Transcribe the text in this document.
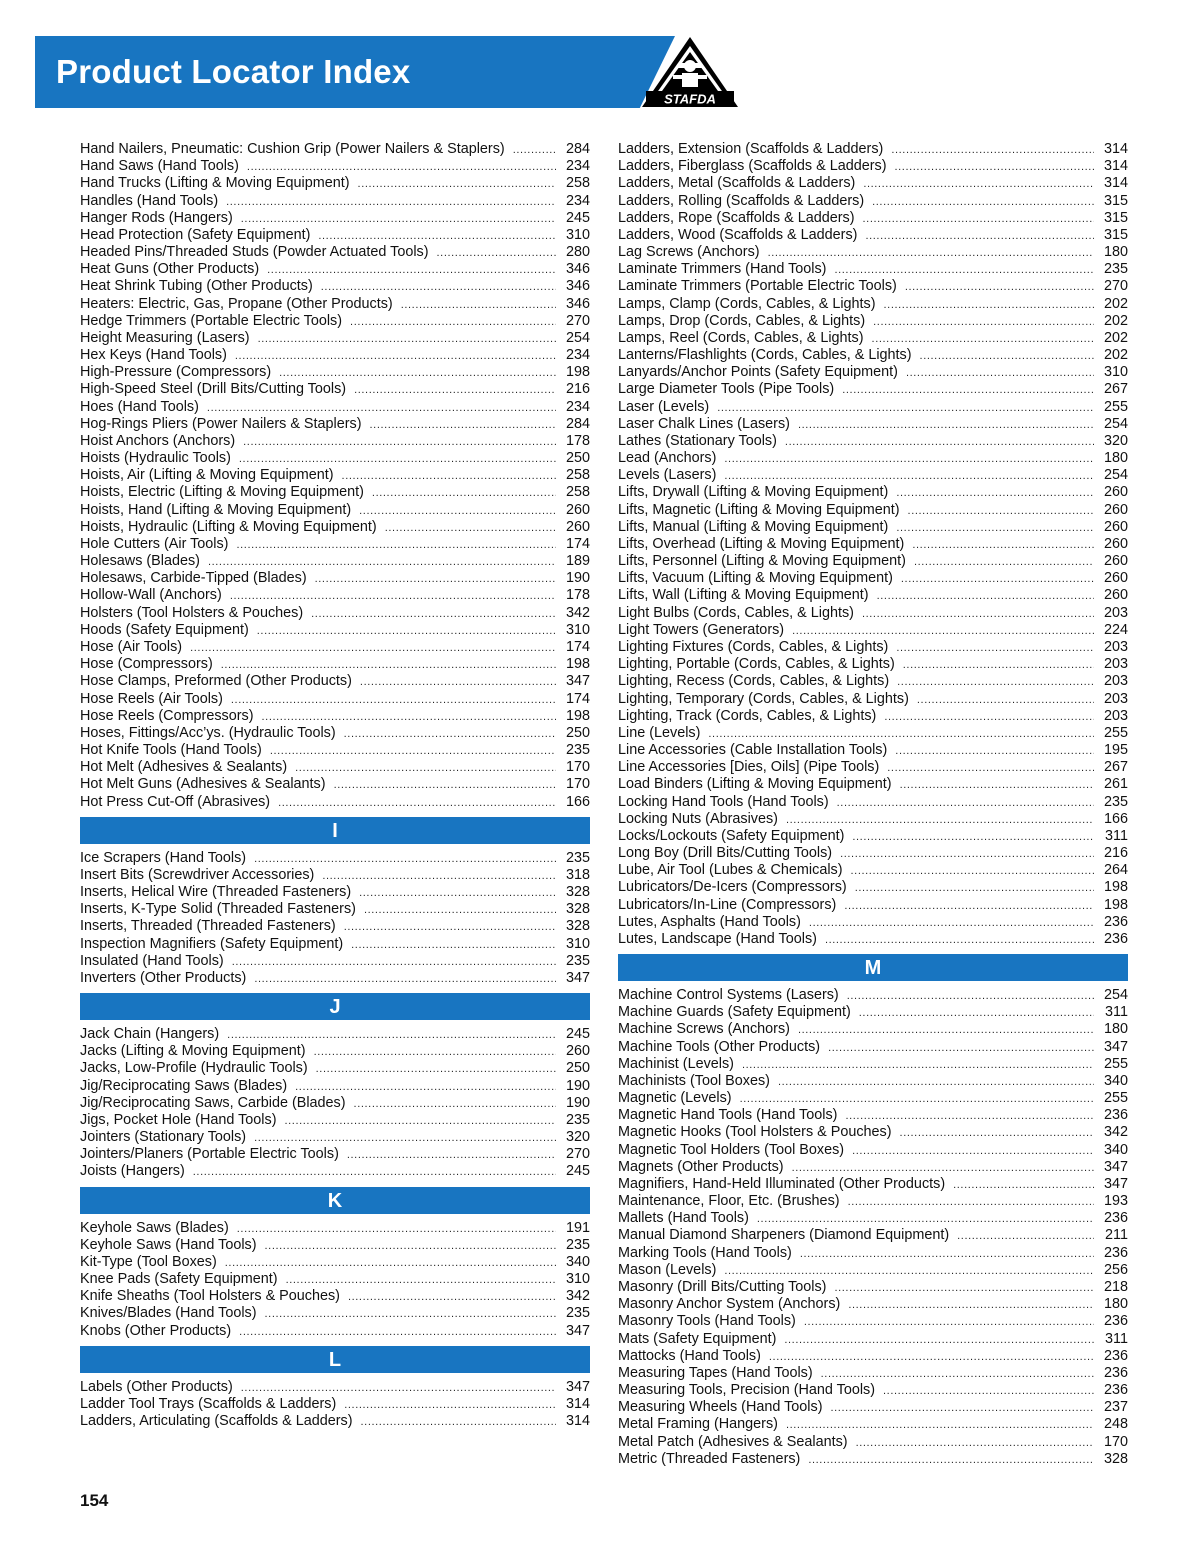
Product Locator Index
STAFDA
Hand Nailers, Pneumatic: Cushion Grip (Power Nailers & Staplers) .....	284
Hand Saws (Hand Tools) .....	234
Hand Trucks (Lifting & Moving Equipment) .....	258
Handles (Hand Tools) .....	234
Hanger Rods (Hangers) .....	245
Head Protection (Safety Equipment) .....	310
Headed Pins/Threaded Studs (Powder Actuated Tools) .....	280
Heat Guns (Other Products) .....	346
Heat Shrink Tubing (Other Products) .....	346
Heaters: Electric, Gas, Propane (Other Products) .....	346
Hedge Trimmers (Portable Electric Tools) .....	270
Height Measuring (Lasers) .....	254
Hex Keys (Hand Tools) .....	234
High-Pressure (Compressors) .....	198
High-Speed Steel (Drill Bits/Cutting Tools) .....	216
Hoes (Hand Tools) .....	234
Hog-Rings Pliers (Power Nailers & Staplers) .....	284
Hoist Anchors (Anchors) .....	178
Hoists (Hydraulic Tools) .....	250
Hoists, Air (Lifting & Moving Equipment) .....	258
Hoists, Electric (Lifting & Moving Equipment) .....	258
Hoists, Hand (Lifting & Moving Equipment) .....	260
Hoists, Hydraulic (Lifting & Moving Equipment) .....	260
Hole Cutters (Air Tools) .....	174
Holesaws (Blades) .....	189
Holesaws, Carbide-Tipped (Blades) .....	190
Hollow-Wall (Anchors) .....	178
Holsters (Tool Holsters & Pouches) .....	342
Hoods (Safety Equipment) .....	310
Hose (Air Tools) .....	174
Hose (Compressors) .....	198
Hose Clamps, Preformed (Other Products) .....	347
Hose Reels (Air Tools) .....	174
Hose Reels (Compressors) .....	198
Hoses, Fittings/Acc’ys. (Hydraulic Tools) .....	250
Hot Knife Tools (Hand Tools) .....	235
Hot Melt (Adhesives & Sealants) .....	170
Hot Melt Guns (Adhesives & Sealants) .....	170
Hot Press Cut-Off (Abrasives) .....	166
I
Ice Scrapers (Hand Tools) .....	235
Insert Bits (Screwdriver Accessories) .....	318
Inserts, Helical Wire (Threaded Fasteners) .....	328
Inserts, K-Type Solid (Threaded Fasteners) .....	328
Inserts, Threaded (Threaded Fasteners) .....	328
Inspection Magnifiers (Safety Equipment) .....	310
Insulated (Hand Tools) .....	235
Inverters (Other Products) .....	347
J
Jack Chain (Hangers) .....	245
Jacks (Lifting & Moving Equipment) .....	260
Jacks, Low-Profile (Hydraulic Tools) .....	250
Jig/Reciprocating Saws (Blades) .....	190
Jig/Reciprocating Saws, Carbide (Blades) .....	190
Jigs, Pocket Hole (Hand Tools) .....	235
Jointers (Stationary Tools) .....	320
Jointers/Planers (Portable Electric Tools) .....	270
Joists (Hangers) .....	245
K
Keyhole Saws (Blades) .....	191
Keyhole Saws (Hand Tools) .....	235
Kit-Type (Tool Boxes) .....	340
Knee Pads (Safety Equipment) .....	310
Knife Sheaths (Tool Holsters & Pouches) .....	342
Knives/Blades (Hand Tools) .....	235
Knobs (Other Products) .....	347
L
Labels (Other Products) .....	347
Ladder Tool Trays (Scaffolds & Ladders) .....	314
Ladders, Articulating (Scaffolds & Ladders) .....	314
Ladders, Extension (Scaffolds & Ladders) .....	314
Ladders, Fiberglass (Scaffolds & Ladders) .....	314
Ladders, Metal (Scaffolds & Ladders) .....	314
Ladders, Rolling (Scaffolds & Ladders) .....	315
Ladders, Rope (Scaffolds & Ladders) .....	315
Ladders, Wood (Scaffolds & Ladders) .....	315
Lag Screws (Anchors) .....	180
Laminate Trimmers (Hand Tools) .....	235
Laminate Trimmers (Portable Electric Tools) .....	270
Lamps, Clamp (Cords, Cables, & Lights) .....	202
Lamps, Drop (Cords, Cables, & Lights) .....	202
Lamps, Reel (Cords, Cables, & Lights) .....	202
Lanterns/Flashlights (Cords, Cables, & Lights) .....	202
Lanyards/Anchor Points (Safety Equipment) .....	310
Large Diameter Tools (Pipe Tools) .....	267
Laser (Levels) .....	255
Laser Chalk Lines (Lasers) .....	254
Lathes (Stationary Tools) .....	320
Lead (Anchors) .....	180
Levels (Lasers) .....	254
Lifts, Drywall (Lifting & Moving Equipment) .....	260
Lifts, Magnetic (Lifting & Moving Equipment) .....	260
Lifts, Manual (Lifting & Moving Equipment) .....	260
Lifts, Overhead (Lifting & Moving Equipment) .....	260
Lifts, Personnel (Lifting & Moving Equipment) .....	260
Lifts, Vacuum (Lifting & Moving Equipment) .....	260
Lifts, Wall (Lifting & Moving Equipment) .....	260
Light Bulbs (Cords, Cables, & Lights) .....	203
Light Towers (Generators) .....	224
Lighting Fixtures (Cords, Cables, & Lights) .....	203
Lighting, Portable (Cords, Cables, & Lights) .....	203
Lighting, Recess (Cords, Cables, & Lights) .....	203
Lighting, Temporary (Cords, Cables, & Lights) .....	203
Lighting, Track (Cords, Cables, & Lights) .....	203
Line (Levels) .....	255
Line Accessories (Cable Installation Tools) .....	195
Line Accessories [Dies, Oils] (Pipe Tools) .....	267
Load Binders (Lifting & Moving Equipment) .....	261
Locking Hand Tools (Hand Tools) .....	235
Locking Nuts (Abrasives) .....	166
Locks/Lockouts (Safety Equipment) .....	311
Long Boy (Drill Bits/Cutting Tools) .....	216
Lube, Air Tool (Lubes & Chemicals) .....	264
Lubricators/De-Icers (Compressors) .....	198
Lubricators/In-Line (Compressors) .....	198
Lutes, Asphalts (Hand Tools) .....	236
Lutes, Landscape (Hand Tools) .....	236
M
Machine Control Systems (Lasers) .....	254
Machine Guards (Safety Equipment) .....	311
Machine Screws (Anchors) .....	180
Machine Tools (Other Products) .....	347
Machinist (Levels) .....	255
Machinists (Tool Boxes) .....	340
Magnetic (Levels) .....	255
Magnetic Hand Tools (Hand Tools) .....	236
Magnetic Hooks (Tool Holsters & Pouches) .....	342
Magnetic Tool Holders (Tool Boxes) .....	340
Magnets (Other Products) .....	347
Magnifiers, Hand-Held Illuminated (Other Products) .....	347
Maintenance, Floor, Etc. (Brushes) .....	193
Mallets (Hand Tools) .....	236
Manual Diamond Sharpeners (Diamond Equipment) .....	211
Marking Tools (Hand Tools) .....	236
Mason (Levels) .....	256
Masonry (Drill Bits/Cutting Tools) .....	218
Masonry Anchor System (Anchors) .....	180
Masonry Tools (Hand Tools) .....	236
Mats (Safety Equipment) .....	311
Mattocks (Hand Tools) .....	236
Measuring Tapes (Hand Tools) .....	236
Measuring Tools, Precision (Hand Tools) .....	236
Measuring Wheels (Hand Tools) .....	237
Metal Framing (Hangers) .....	248
Metal Patch (Adhesives & Sealants) .....	170
Metric (Threaded Fasteners) .....	328
154
